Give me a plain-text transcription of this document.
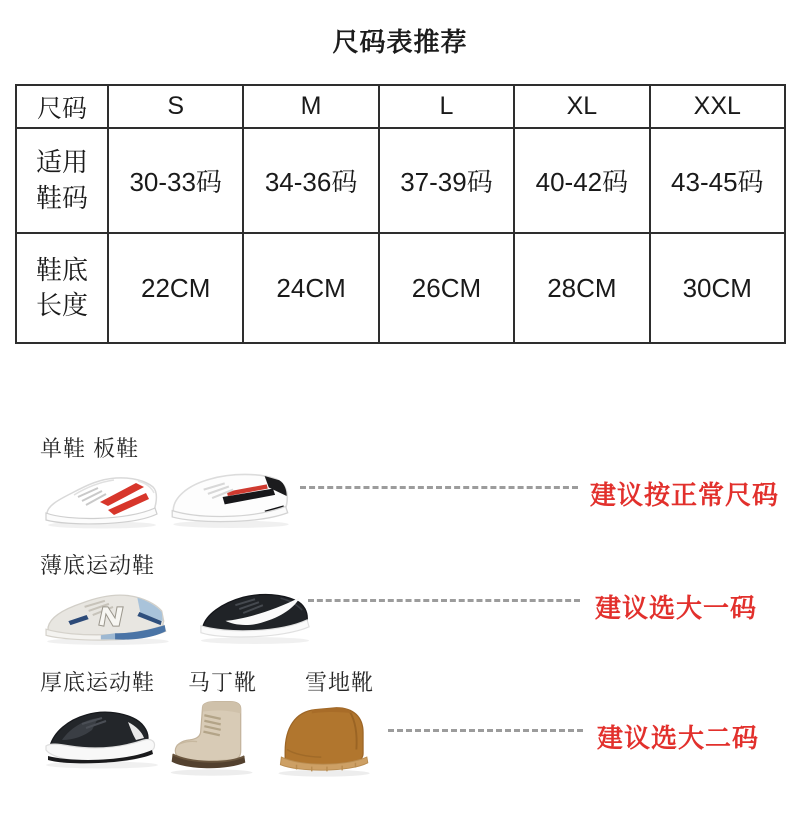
尺码表推荐
尺码	S	M	L	XL	XXL
适用鞋码	30-33码	34-36码	37-39码	40-42码	43-45码
鞋底长度	22CM	24CM	26CM	28CM	30CM
单鞋 板鞋
建议按正常尺码
薄底运动鞋
建议选大一码
厚底运动鞋 马丁靴 雪地靴
建议选大二码
